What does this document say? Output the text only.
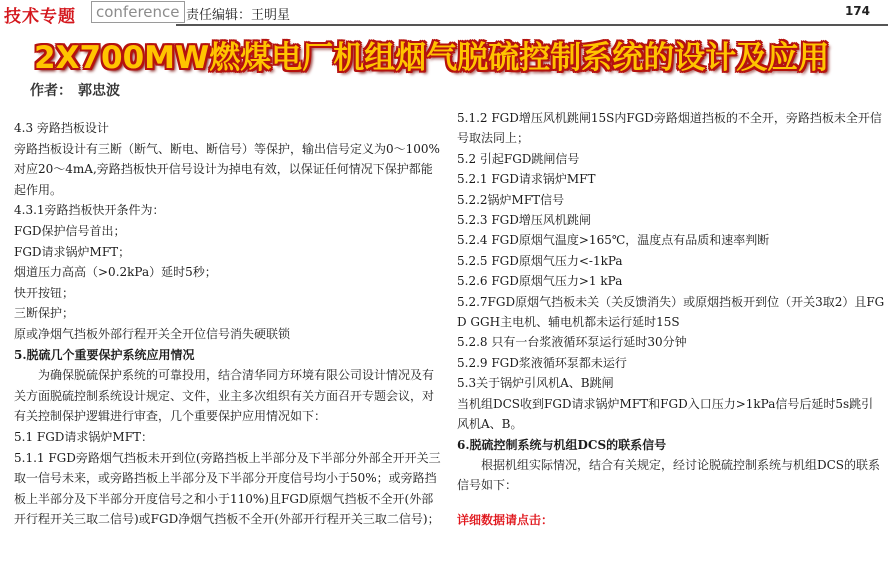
技术专题	conference 责任编辑：王明星	174
2X700MW燃煤电厂机组烟气脱硫控制系统的设计及应用
作者： 郭忠波

4.3 旁路挡板设计

旁路挡板设计有三断（断气、断电、断信号）等保护，输出信号定义为0～100%对应20～4mA,旁路挡板快开信号设计为掉电有效，以保证任何情况下保护都能起作用。

4.3.1旁路挡板快开条件为：

FGD保护信号首出；

FGD请求锅炉MFT；

烟道压力高高（>0.2kPa）延时5秒；

快开按钮；

三断保护；

原或净烟气挡板外部行程开关全开位信号消失硬联锁

5.脱硫几个重要保护系统应用情况

为确保脱硫保护系统的可靠投用，结合清华同方环境有限公司设计情况及有关方面脱硫控制系统设计规定、文件，业主多次组织有关方面召开专题会议，对有关控制保护逻辑进行审查，几个重要保护应用情况如下：

5.1 FGD请求锅炉MFT：

5.1.1 FGD旁路烟气挡板未开到位(旁路挡板上半部分及下半部分外部全开开关三取一信号未来，或旁路挡板上半部分及下半部分开度信号均小于50%；或旁路挡板上半部分及下半部分开度信号之和小于110%)且FGD原烟气挡板不全开(外部开行程开关三取二信号)或FGD净烟气挡板不全开(外部开行程开关三取二信号)；

5.1.2 FGD增压风机跳闸15S内FGD旁路烟道挡板的不全开，旁路挡板未全开信号取法同上；

5.2 引起FGD跳闸信号

5.2.1 FGD请求锅炉MFT

5.2.2锅炉MFT信号

5.2.3 FGD增压风机跳闸

5.2.4 FGD原烟气温度>165℃，温度点有品质和速率判断

5.2.5 FGD原烟气压力<-1kPa

5.2.6 FGD原烟气压力>1 kPa

5.2.7FGD原烟气挡板未关（关反馈消失）或原烟挡板开到位（开关3取2）且FGD GGH主电机、辅电机都未运行延时15S

5.2.8 只有一台浆液循环泵运行延时30分钟

5.2.9 FGD浆液循环泵都未运行

5.3关于锅炉引风机A、B跳闸

当机组DCS收到FGD请求锅炉MFT和FGD入口压力>1kPa信号后延时5s跳引风机A、B。

6.脱硫控制系统与机组DCS的联系信号

根据机组实际情况，结合有关规定，经讨论脱硫控制系统与机组DCS的联系信号如下：

详细数据请点击：
